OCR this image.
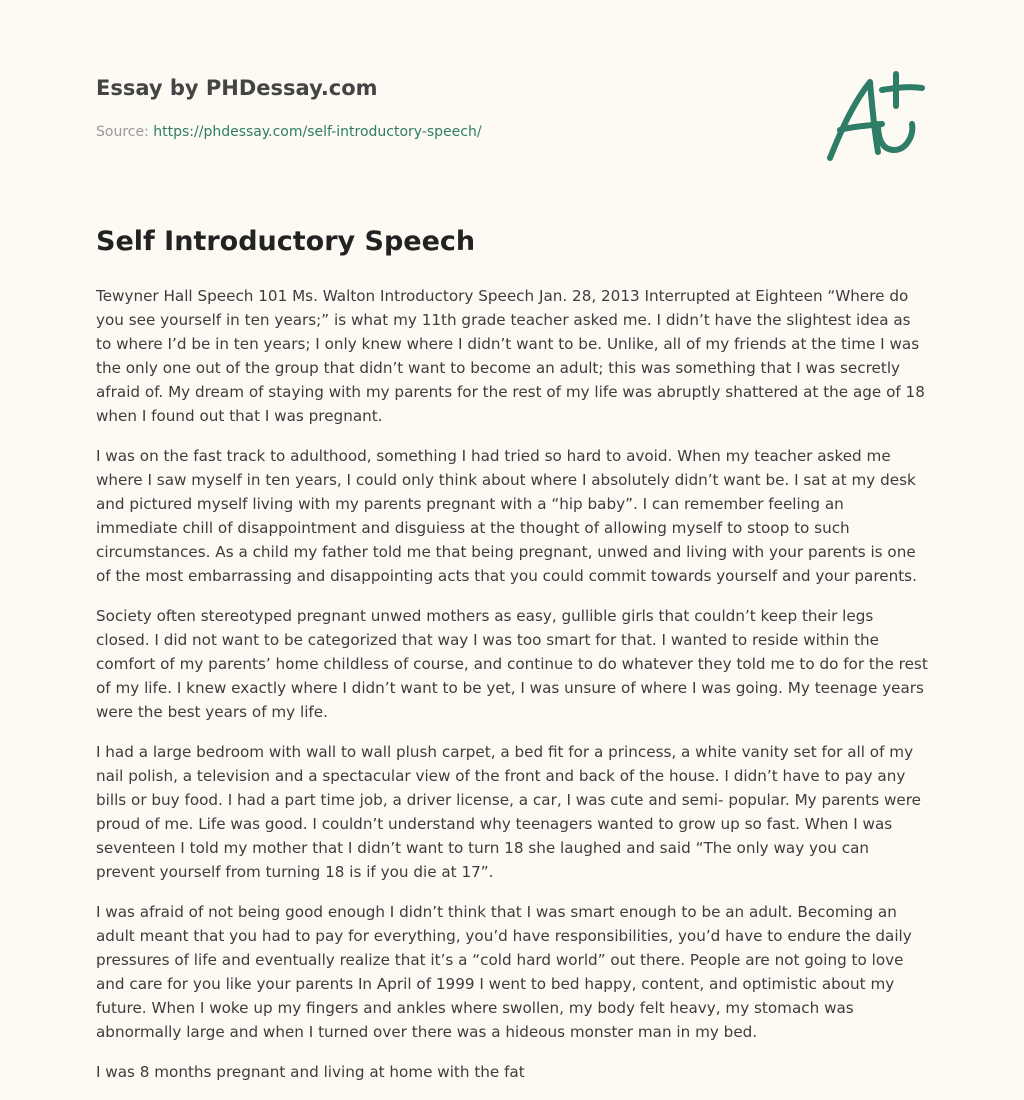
Essay by PHDessay.com
Source: https://phdessay.com/self-introductory-speech/
Self Introductory Speech

Tewyner Hall Speech 101 Ms. Walton Introductory Speech Jan. 28, 2013 Interrupted at Eighteen “Where do you see yourself in ten years;” is what my 11th grade teacher asked me. I didn’t have the slightest idea as to where I’d be in ten years; I only knew where I didn’t want to be. Unlike, all of my friends at the time I was the only one out of the group that didn’t want to become an adult; this was something that I was secretly afraid of. My dream of staying with my parents for the rest of my life was abruptly shattered at the age of 18 when I found out that I was pregnant.

I was on the fast track to adulthood, something I had tried so hard to avoid. When my teacher asked me where I saw myself in ten years, I could only think about where I absolutely didn’t want be. I sat at my desk and pictured myself living with my parents pregnant with a “hip baby”. I can remember feeling an immediate chill of disappointment and disguiess at the thought of allowing myself to stoop to such circumstances. As a child my father told me that being pregnant, unwed and living with your parents is one of the most embarrassing and disappointing acts that you could commit towards yourself and your parents.

Society often stereotyped pregnant unwed mothers as easy, gullible girls that couldn’t keep their legs closed. I did not want to be categorized that way I was too smart for that. I wanted to reside within the comfort of my parents’ home childless of course, and continue to do whatever they told me to do for the rest of my life. I knew exactly where I didn’t want to be yet, I was unsure of where I was going. My teenage years were the best years of my life.

I had a large bedroom with wall to wall plush carpet, a bed fit for a princess, a white vanity set for all of my nail polish, a television and a spectacular view of the front and back of the house. I didn’t have to pay any bills or buy food. I had a part time job, a driver license, a car, I was cute and semi- popular. My parents were proud of me. Life was good. I couldn’t understand why teenagers wanted to grow up so fast. When I was seventeen I told my mother that I didn’t want to turn 18 she laughed and said “The only way you can prevent yourself from turning 18 is if you die at 17”.

I was afraid of not being good enough I didn’t think that I was smart enough to be an adult. Becoming an adult meant that you had to pay for everything, you’d have responsibilities, you’d have to endure the daily pressures of life and eventually realize that it’s a “cold hard world” out there. People are not going to love and care for you like your parents In April of 1999 I went to bed happy, content, and optimistic about my future. When I woke up my fingers and ankles where swollen, my body felt heavy, my stomach was abnormally large and when I turned over there was a hideous monster man in my bed.

I was 8 months pregnant and living at home with the fat
